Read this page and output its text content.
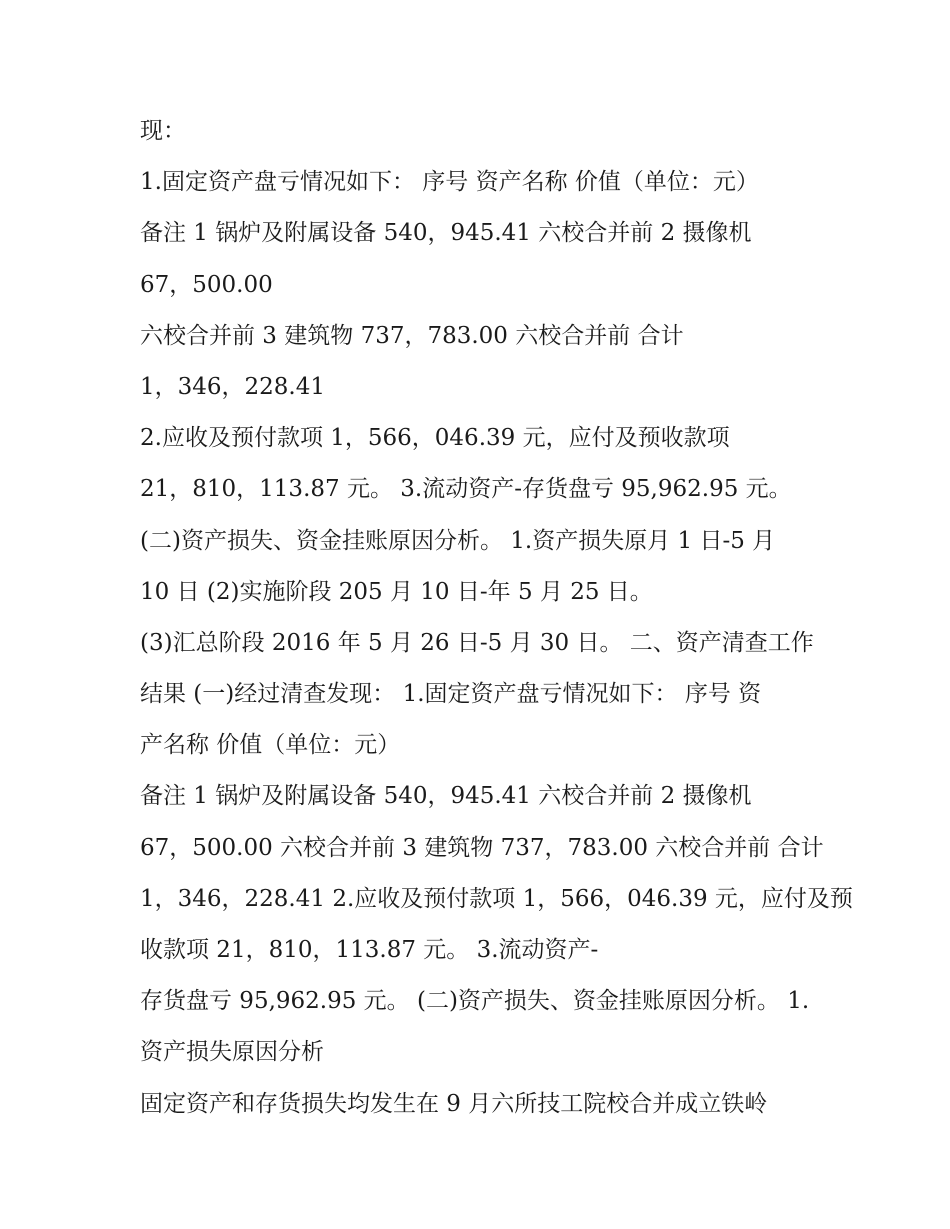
现：
1.固定资产盘亏情况如下： 序号 资产名称 价值（单位：元）
备注 1 锅炉及附属设备 540，945.41 六校合并前 2 摄像机
67，500.00
六校合并前 3 建筑物 737，783.00 六校合并前 合计
1，346，228.41
2.应收及预付款项 1，566，046.39 元，应付及预收款项
21，810，113.87 元。 3.流动资产-存货盘亏 95,962.95 元。
(二)资产损失、资金挂账原因分析。 1.资产损失原月 1 日-5 月
10 日 (2)实施阶段 205 月 10 日-年 5 月 25 日。
(3)汇总阶段 2016 年 5 月 26 日-5 月 30 日。 二、资产清查工作
结果 (一)经过清查发现： 1.固定资产盘亏情况如下： 序号 资
产名称 价值（单位：元）
备注 1 锅炉及附属设备 540，945.41 六校合并前 2 摄像机
67，500.00 六校合并前 3 建筑物 737，783.00 六校合并前 合计
1，346，228.41 2.应收及预付款项 1，566，046.39 元，应付及预
收款项 21，810，113.87 元。 3.流动资产-
存货盘亏 95,962.95 元。 (二)资产损失、资金挂账原因分析。 1.
资产损失原因分析
固定资产和存货损失均发生在 9 月六所技工院校合并成立铁岭
